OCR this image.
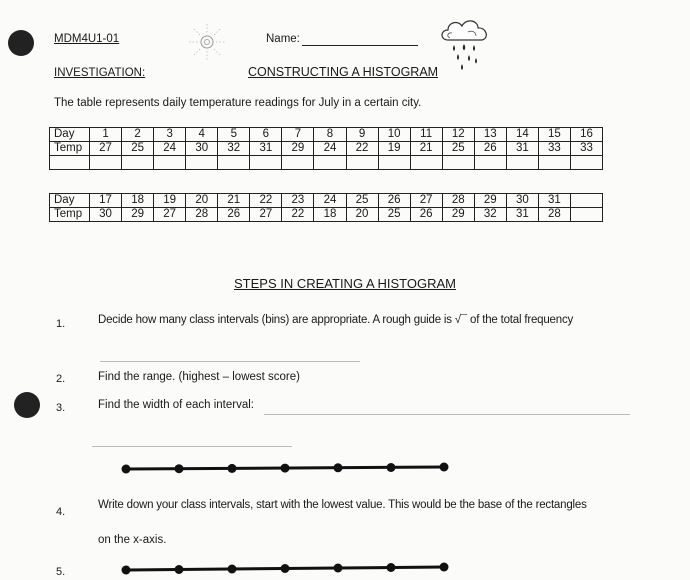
MDM4U1-01	Name:
INVESTIGATION:	CONSTRUCTING A HISTOGRAM
The table represents daily temperature readings for July in a certain city.
Day	1	2	3	4	5	6	7	8	9	10	11	12	13	14	15	16
Temp	27	25	24	30	32	31	29	24	22	19	21	25	26	31	33	33

Day	17	18	19	20	21	22	23	24	25	26	27	28	29	30	31	
Temp	30	29	27	28	26	27	22	18	20	25	26	29	32	31	28	
STEPS IN CREATING A HISTOGRAM
1.	Decide how many class intervals (bins) are appropriate. A rough guide is √¯ of the total frequency
2.	Find the range. (highest – lowest score)
3.	Find the width of each interval:
4.
Write down your class intervals, start with the lowest value. This would be the base of the rectangles
on the x-axis.
5.
